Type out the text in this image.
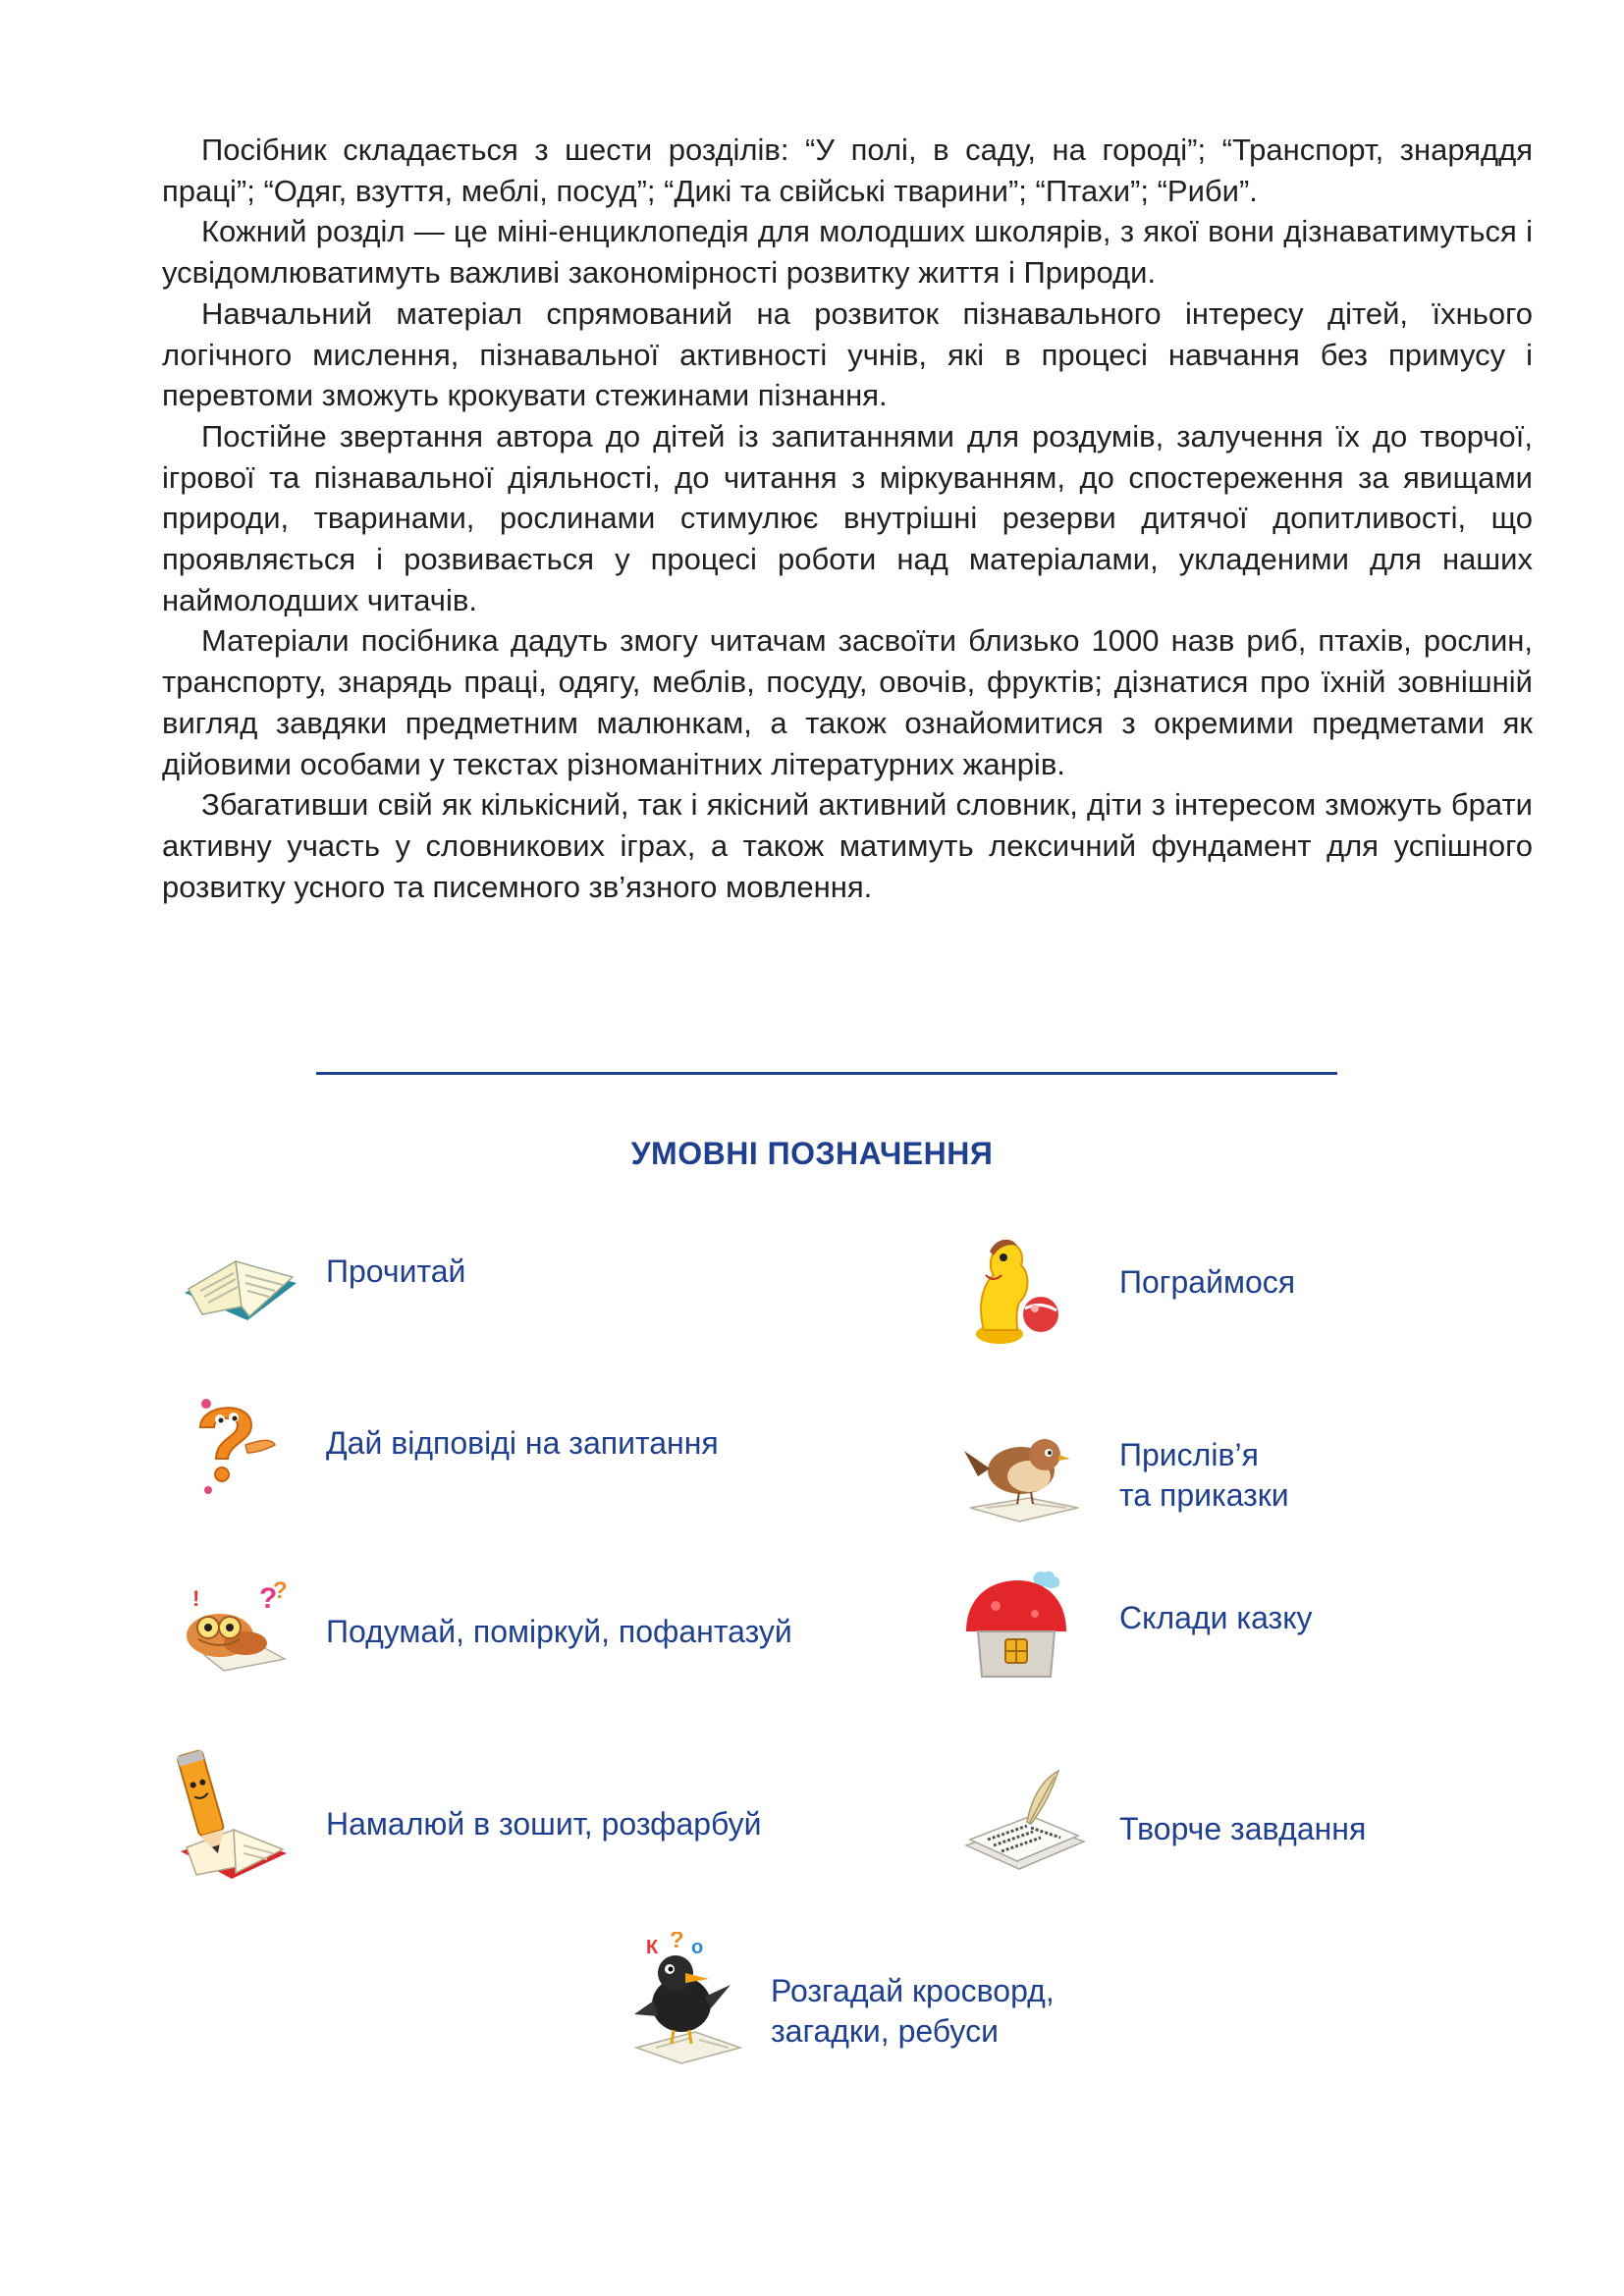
Посібник складається з шести розділів: “У полі, в саду, на городі”; “Транспорт, знаряддя праці”; “Одяг, взуття, меблі, посуд”; “Дикі та свійські тварини”; “Птахи”; “Риби”.

Кожний розділ — це міні-енциклопедія для молодших школярів, з якої вони дізнаватимуться і усвідомлюватимуть важливі закономірності розвитку життя і Природи.

Навчальний матеріал спрямований на розвиток пізнавального інтересу дітей, їхнього логічного мислення, пізнавальної активності учнів, які в процесі навчання без примусу і перевтоми зможуть крокувати стежинами пізнання.

Постійне звертання автора до дітей із запитаннями для роздумів, залучення їх до творчої, ігрової та пізнавальної діяльності, до читання з міркуванням, до спостереження за явищами природи, тваринами, рослинами стимулює внутрішні резерви дитячої допитливості, що проявляється і розвивається у процесі роботи над матеріалами, укладеними для наших наймолодших читачів.

Матеріали посібника дадуть змогу читачам засвоїти близько 1000 назв риб, птахів, рослин, транспорту, знарядь праці, одягу, меблів, посуду, овочів, фруктів; дізнатися про їхній зовнішній вигляд завдяки предметним малюнкам, а також ознайомитися з окремими предметами як дійовими особами у текстах різноманітних літературних жанрів.

Збагативши свій як кількісний, так і якісний активний словник, діти з інтересом зможуть брати активну участь у словникових іграх, а також матимуть лексичний фундамент для успішного розвитку усного та писемного зв’язного мовлення.

УМОВНІ ПОЗНАЧЕННЯ
Прочитай	Пограймося
Дай відповіді на запитання	Прислів’я
та приказки
?
?
!
Подумай, поміркуй, пофантазуй	Склади казку
Намалюй в зошит, розфарбуй	Творче завдання
К ? о
Розгадай кросворд,
загадки, ребуси
